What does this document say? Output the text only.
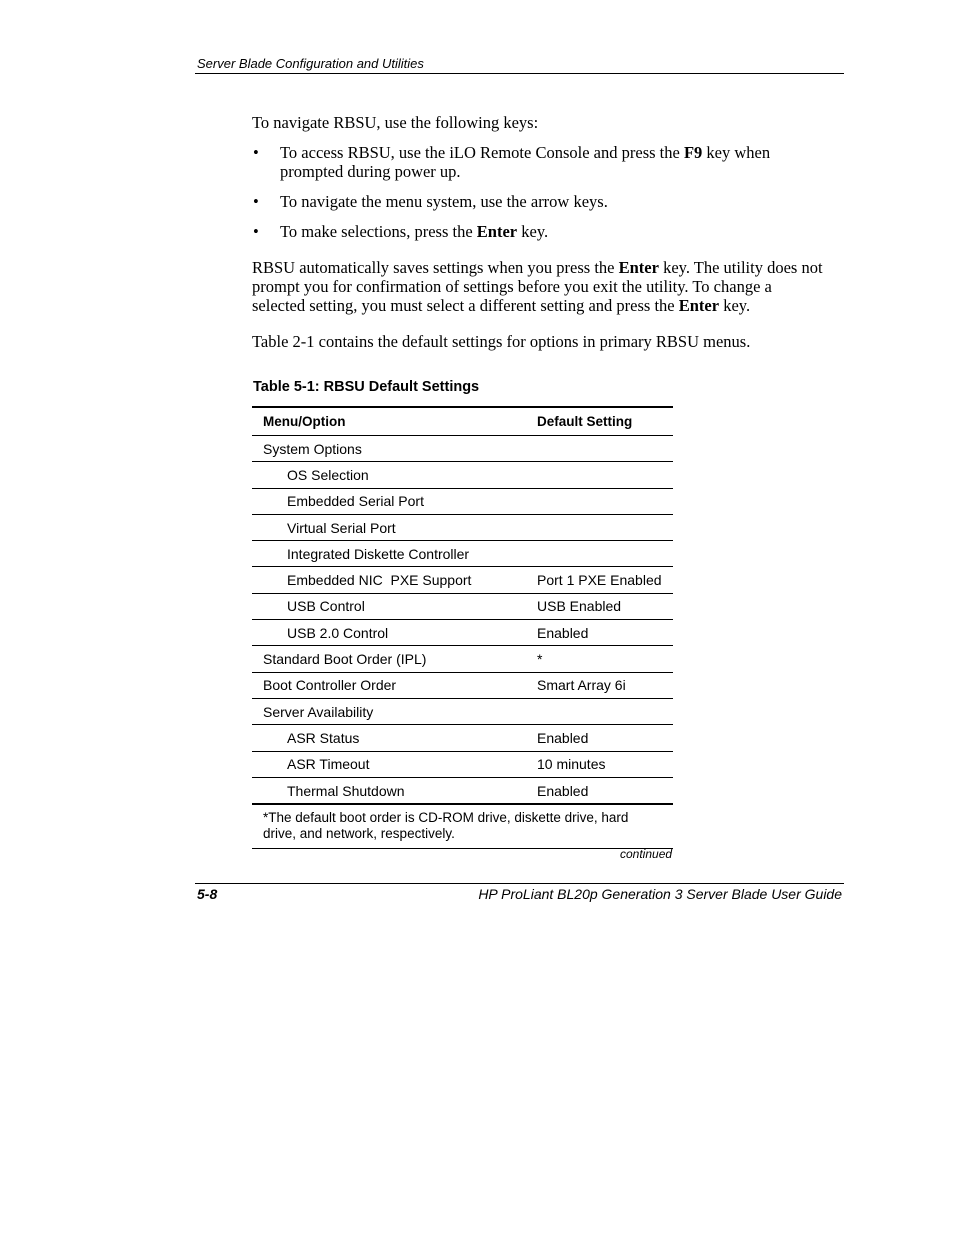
Server Blade Configuration and Utilities

To navigate RBSU, use the following keys:

• To access RBSU, use the iLO Remote Console and press the F9 key when prompted during power up.
• To navigate the menu system, use the arrow keys.
• To make selections, press the Enter key.

RBSU automatically saves settings when you press the Enter key. The utility does not prompt you for confirmation of settings before you exit the utility. To change a selected setting, you must select a different setting and press the Enter key.

Table 2-1 contains the default settings for options in primary RBSU menus.

Table 5-1: RBSU Default Settings
Menu/Option	Default Setting
System Options	
OS Selection	
Embedded Serial Port	
Virtual Serial Port	
Integrated Diskette Controller	
Embedded NIC  PXE Support	Port 1 PXE Enabled
USB Control	USB Enabled
USB 2.0 Control	Enabled
Standard Boot Order (IPL)	*
Boot Controller Order	Smart Array 6i
Server Availability	
ASR Status	Enabled
ASR Timeout	10 minutes
Thermal Shutdown	Enabled
*The default boot order is CD-ROM drive, diskette drive, hard drive, and network, respectively.	
continued
5-8	HP ProLiant BL20p Generation 3 Server Blade User Guide
